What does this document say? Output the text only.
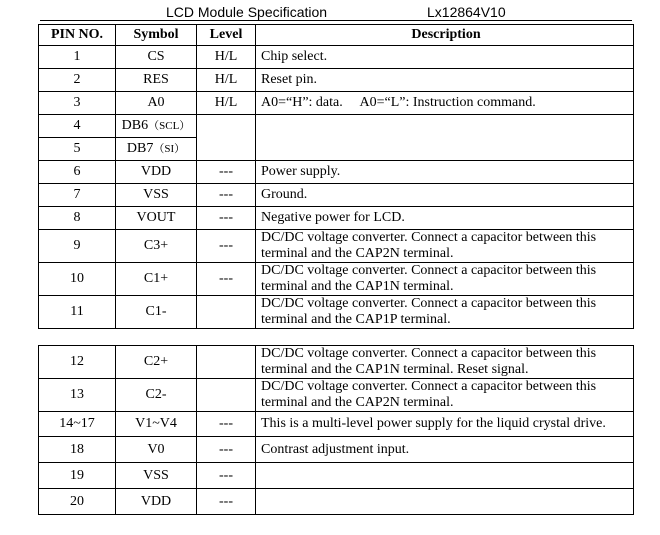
LCD Module Specification	Lx12864V10
PIN NO.	Symbol	Level	Description
1	CS	H/L	Chip select.
2	RES	H/L	Reset pin.
3	A0	H/L	A0=“H”: data.     A0=“L”: Instruction command.
4	DB6（SCL）		
5	DB7（SI）		
6	VDD	---	Power supply.
7	VSS	---	Ground.
8	VOUT	---	Negative power for LCD.
9	C3+	---	DC/DC voltage converter. Connect a capacitor between this
terminal and the CAP2N terminal.

10	C1+	---	DC/DC voltage converter. Connect a capacitor between this
terminal and the CAP1N terminal.

11	C1-		DC/DC voltage converter. Connect a capacitor between this
terminal and the CAP1P terminal.
12	C2+		DC/DC voltage converter. Connect a capacitor between this
terminal and the CAP1N terminal. Reset signal.

13	C2-		DC/DC voltage converter. Connect a capacitor between this
terminal and the CAP2N terminal.

14~17	V1~V4	---	This is a multi-level power supply for the liquid crystal drive.
18	V0	---	Contrast adjustment input.
19	VSS	---	
20	VDD	---	
